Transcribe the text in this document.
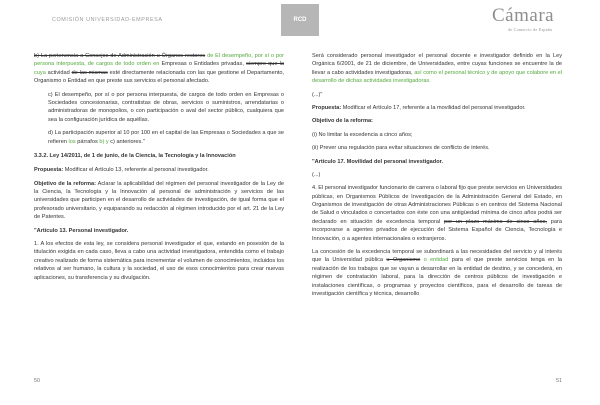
COMISIÓN UNIVERSIDAD-EMPRESA	RCD	Cámara
de Comercio de España

b) La pertenencia a Consejos de Administración u Órganos rectores de El desempeño, por sí o por persona interpuesta, de cargos de todo orden en Empresas o Entidades privadas, siempre que la cuya actividad de las mismas esté directamente relacionada con las que gestione el Departamento, Organismo o Entidad en que preste sus servicios el personal afectado.

c) El desempeño, por sí o por persona interpuesta, de cargos de todo orden en Empresas o Sociedades concesionarias, contratistas de obras, servicios o suministros, arrendatarias o administradoras de monopolios, o con participación o aval del sector público, cualquiera que sea la configuración jurídica de aquéllas.

d) La participación superior al 10 por 100 en el capital de las Empresas o Sociedades a que se refieren los párrafos b) y c) anteriores."

3.3.2. Ley 14/2011, de 1 de junio, de la Ciencia, la Tecnología y la Innovación

Propuesta: Modificar el Artículo 13, referente al personal investigador.

Objetivo de la reforma: Aclarar la aplicabilidad del régimen del personal investigador de la Ley de la Ciencia, la Tecnología y la Innovación al personal de administración y servicios de las universidades que participen en el desarrollo de actividades de investigación, de igual forma que el profesorado universitario, y equiparando su redacción al régimen introducido por el art. 21 de la Ley de Patentes.

"Artículo 13. Personal investigador.

1. A los efectos de esta ley, se considera personal investigador el que, estando en posesión de la titulación exigida en cada caso, lleva a cabo una actividad investigadora, entendida como el trabajo creativo realizado de forma sistemática para incrementar el volumen de conocimientos, incluidos los relativos al ser humano, la cultura y la sociedad, el uso de esos conocimientos para crear nuevas aplicaciones, su transferencia y su divulgación.

50

Será considerado personal investigador el personal docente e investigador definido en la Ley Orgánica 6/2001, de 21 de diciembre, de Universidades, entre cuyas funciones se encuentre la de llevar a cabo actividades investigadoras, así como el personal técnico y de apoyo que colabore en el desarrollo de dichas actividades investigadoras.

(...)"

Propuesta: Modificar el Artículo 17, referente a la movilidad del personal investigador.

Objetivo de la reforma:

(i) No limitar la excedencia a cinco años;

(ii) Prever una regulación para evitar situaciones de conflicto de interés.

"Artículo 17. Movilidad del personal investigador.

(...)

4. El personal investigador funcionario de carrera o laboral fijo que preste servicios en Universidades públicas, en Organismos Públicos de Investigación de la Administración General del Estado, en Organismos de investigación de otras Administraciones Públicas o en centros del Sistema Nacional de Salud o vinculados o concertados con éste con una antigüedad mínima de cinco años podrá ser declarado en situación de excedencia temporal por un plazo máximo de cinco años, para incorporarse a agentes privados de ejecución del Sistema Español de Ciencia, Tecnología e Innovación, o a agentes internacionales o extranjeros.

La concesión de la excedencia temporal se subordinará a las necesidades del servicio y al interés que la Universidad pública u Organismo o entidad para el que preste servicios tenga en la realización de los trabajos que se vayan a desarrollar en la entidad de destino, y se concederá, en régimen de contratación laboral, para la dirección de centros públicos de investigación e instalaciones científicas, o programas y proyectos científicos, para el desarrollo de tareas de investigación científica y técnica, desarrollo

51
